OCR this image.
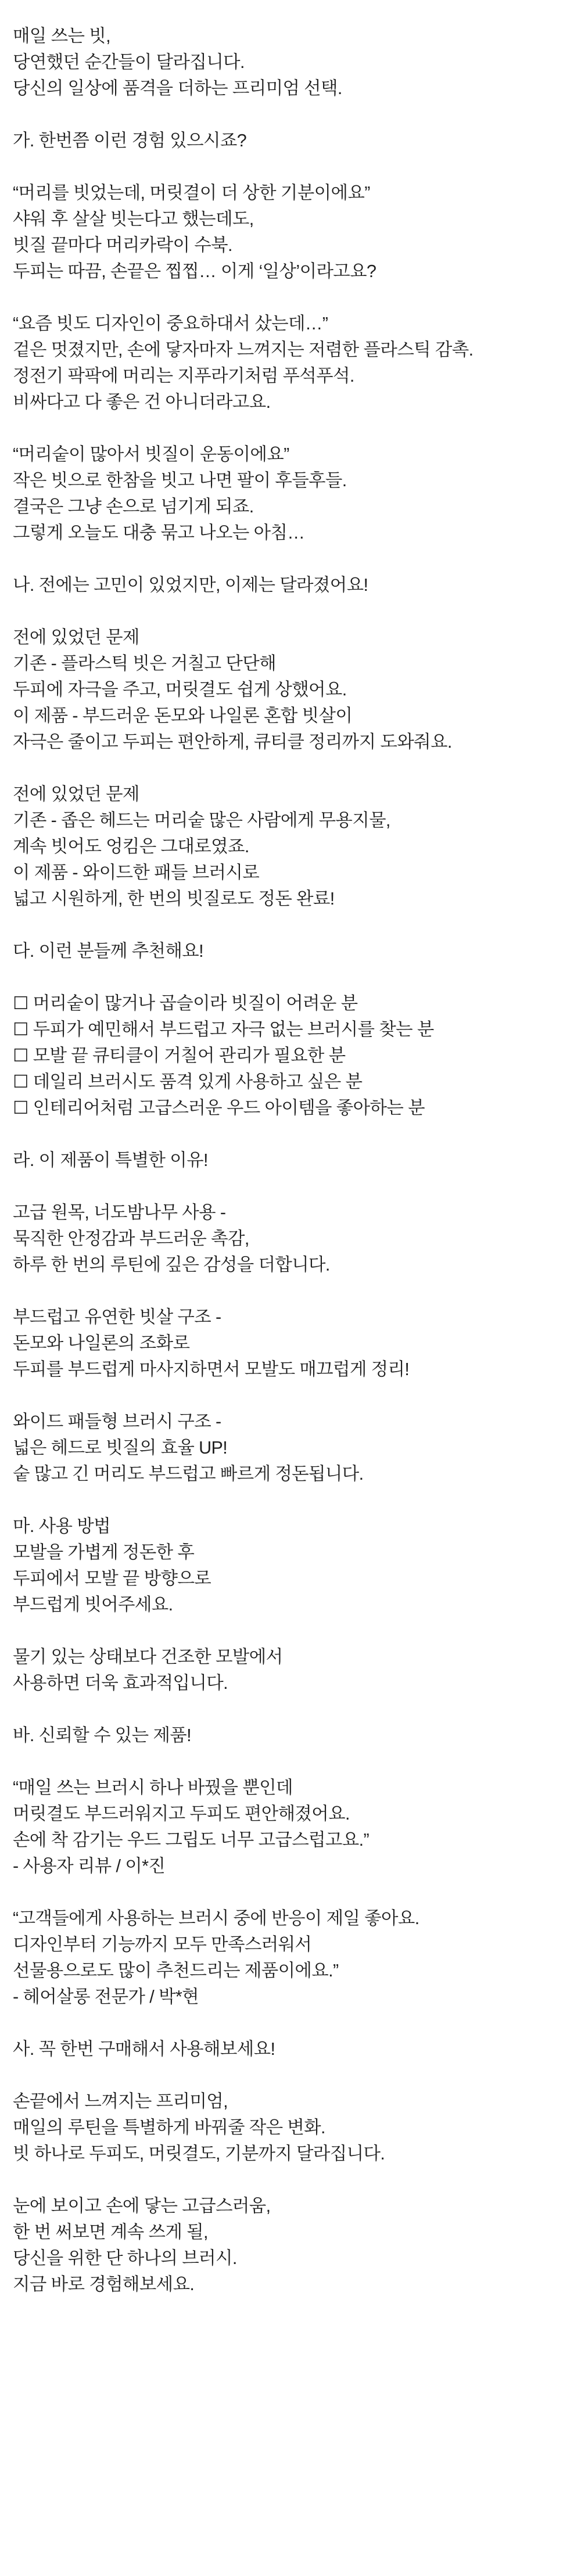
매일 쓰는 빗,
당연했던 순간들이 달라집니다.
당신의 일상에 품격을 더하는 프리미엄 선택.
가. 한번쯤 이런 경험 있으시죠?
“머리를 빗었는데, 머릿결이 더 상한 기분이에요”
샤워 후 살살 빗는다고 했는데도,
빗질 끝마다 머리카락이 수북.
두피는 따끔, 손끝은 찝찝… 이게 ‘일상’이라고요?
“요즘 빗도 디자인이 중요하대서 샀는데…”
겉은 멋졌지만, 손에 닿자마자 느껴지는 저렴한 플라스틱 감촉.
정전기 팍팍에 머리는 지푸라기처럼 푸석푸석.
비싸다고 다 좋은 건 아니더라고요.
“머리숱이 많아서 빗질이 운동이에요”
작은 빗으로 한참을 빗고 나면 팔이 후들후들.
결국은 그냥 손으로 넘기게 되죠.
그렇게 오늘도 대충 묶고 나오는 아침…
나. 전에는 고민이 있었지만, 이제는 달라졌어요!
전에 있었던 문제
기존 - 플라스틱 빗은 거칠고 단단해
두피에 자극을 주고, 머릿결도 쉽게 상했어요.
이 제품 - 부드러운 돈모와 나일론 혼합 빗살이
자극은 줄이고 두피는 편안하게, 큐티클 정리까지 도와줘요.
전에 있었던 문제
기존 - 좁은 헤드는 머리숱 많은 사람에게 무용지물,
계속 빗어도 엉킴은 그대로였죠.
이 제품 - 와이드한 패들 브러시로
넓고 시원하게, 한 번의 빗질로도 정돈 완료!
다. 이런 분들께 추천해요!
☐ 머리숱이 많거나 곱슬이라 빗질이 어려운 분
☐ 두피가 예민해서 부드럽고 자극 없는 브러시를 찾는 분
☐ 모발 끝 큐티클이 거칠어 관리가 필요한 분
☐ 데일리 브러시도 품격 있게 사용하고 싶은 분
☐ 인테리어처럼 고급스러운 우드 아이템을 좋아하는 분
라. 이 제품이 특별한 이유!
고급 원목, 너도밤나무 사용 -
묵직한 안정감과 부드러운 촉감,
하루 한 번의 루틴에 깊은 감성을 더합니다.
부드럽고 유연한 빗살 구조 -
돈모와 나일론의 조화로
두피를 부드럽게 마사지하면서 모발도 매끄럽게 정리!
와이드 패들형 브러시 구조 -
넓은 헤드로 빗질의 효율 UP!
숱 많고 긴 머리도 부드럽고 빠르게 정돈됩니다.
마. 사용 방법
모발을 가볍게 정돈한 후
두피에서 모발 끝 방향으로
부드럽게 빗어주세요.
물기 있는 상태보다 건조한 모발에서
사용하면 더욱 효과적입니다.
바. 신뢰할 수 있는 제품!
“매일 쓰는 브러시 하나 바꿨을 뿐인데
머릿결도 부드러워지고 두피도 편안해졌어요.
손에 착 감기는 우드 그립도 너무 고급스럽고요.”
- 사용자 리뷰 / 이*진
“고객들에게 사용하는 브러시 중에 반응이 제일 좋아요.
디자인부터 기능까지 모두 만족스러워서
선물용으로도 많이 추천드리는 제품이에요.”
- 헤어살롱 전문가 / 박*현
사. 꼭 한번 구매해서 사용해보세요!
손끝에서 느껴지는 프리미엄,
매일의 루틴을 특별하게 바꿔줄 작은 변화.
빗 하나로 두피도, 머릿결도, 기분까지 달라집니다.
눈에 보이고 손에 닿는 고급스러움,
한 번 써보면 계속 쓰게 될,
당신을 위한 단 하나의 브러시.
지금 바로 경험해보세요.
